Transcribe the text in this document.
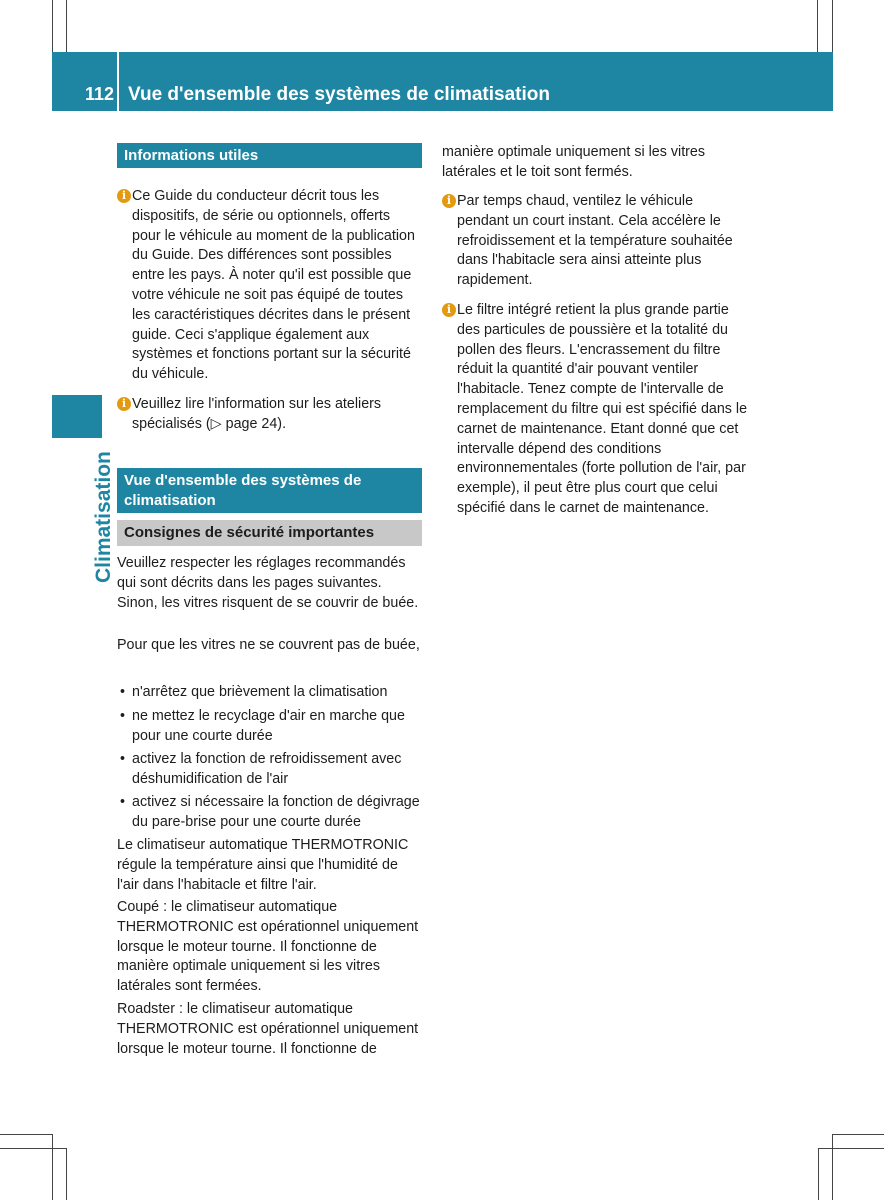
112 Vue d'ensemble des systèmes de climatisation
Climatisation
Informations utiles
i Ce Guide du conducteur décrit tous les dispositifs, de série ou optionnels, offerts pour le véhicule au moment de la publication du Guide. Des différences sont possibles entre les pays. À noter qu'il est possible que votre véhicule ne soit pas équipé de toutes les caractéristiques décrites dans le présent guide. Ceci s'applique également aux systèmes et fonctions portant sur la sécurité du véhicule.

i Veuillez lire l'information sur les ateliers spécialisés (▷ page 24).

Veuillez respecter les réglages recommandés qui sont décrits dans les pages suivantes. Sinon, les vitres risquent de se couvrir de buée.

Pour que les vitres ne se couvrent pas de buée,

• n'arrêtez que brièvement la climatisation
• ne mettez le recyclage d'air en marche que pour une courte durée
• activez la fonction de refroidissement avec déshumidification de l'air
• activez si nécessaire la fonction de dégivrage du pare-brise pour une courte durée

Le climatiseur automatique THERMOTRONIC régule la température ainsi que l'humidité de l'air dans l'habitacle et filtre l'air.

Coupé : le climatiseur automatique THERMOTRONIC est opérationnel uniquement lorsque le moteur tourne. Il fonctionne de manière optimale uniquement si les vitres latérales sont fermées.

Roadster : le climatiseur automatique THERMOTRONIC est opérationnel uniquement lorsque le moteur tourne. Il fonctionne de

Vue d'ensemble des systèmes de climatisation
Consignes de sécurité importantes

manière optimale uniquement si les vitres latérales et le toit sont fermés.

i Par temps chaud, ventilez le véhicule pendant un court instant. Cela accélère le refroidissement et la température souhaitée dans l'habitacle sera ainsi atteinte plus rapidement.

i Le filtre intégré retient la plus grande partie des particules de poussière et la totalité du pollen des fleurs. L'encrassement du filtre réduit la quantité d'air pouvant ventiler l'habitacle. Tenez compte de l'intervalle de remplacement du filtre qui est spécifié dans le carnet de maintenance. Etant donné que cet intervalle dépend des conditions environnementales (forte pollution de l'air, par exemple), il peut être plus court que celui spécifié dans le carnet de maintenance.
